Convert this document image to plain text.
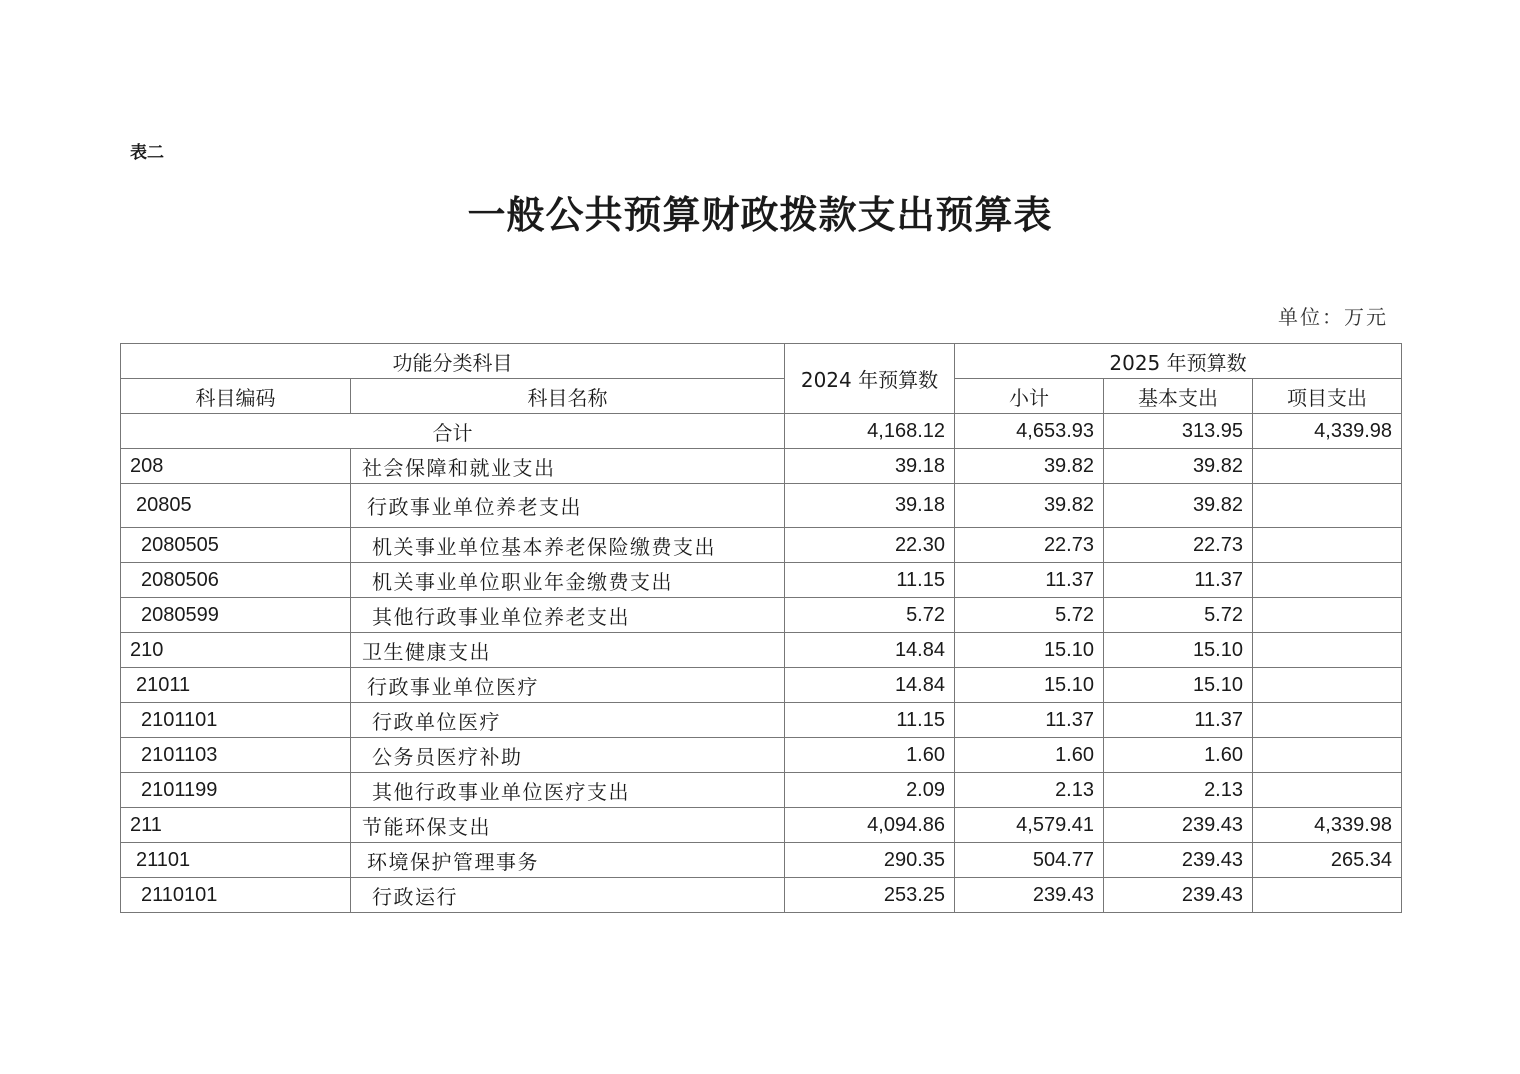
表二
一般公共预算财政拨款支出预算表
单位：万元
功能分类科目		2024 年预算数	2025 年预算数		
科目编码	科目名称		小计	基本支出	项目支出
合计		4,168.12	4,653.93	313.95	4,339.98
208	社会保障和就业支出	39.18	39.82	39.82	
20805	行政事业单位养老支出	39.18	39.82	39.82	
2080505	机关事业单位基本养老保险缴费支出	22.30	22.73	22.73	
2080506	机关事业单位职业年金缴费支出	11.15	11.37	11.37	
2080599	其他行政事业单位养老支出	5.72	5.72	5.72	
210	卫生健康支出	14.84	15.10	15.10	
21011	行政事业单位医疗	14.84	15.10	15.10	
2101101	行政单位医疗	11.15	11.37	11.37	
2101103	公务员医疗补助	1.60	1.60	1.60	
2101199	其他行政事业单位医疗支出	2.09	2.13	2.13	
211	节能环保支出	4,094.86	4,579.41	239.43	4,339.98
21101	环境保护管理事务	290.35	504.77	239.43	265.34
2110101	行政运行	253.25	239.43	239.43	
